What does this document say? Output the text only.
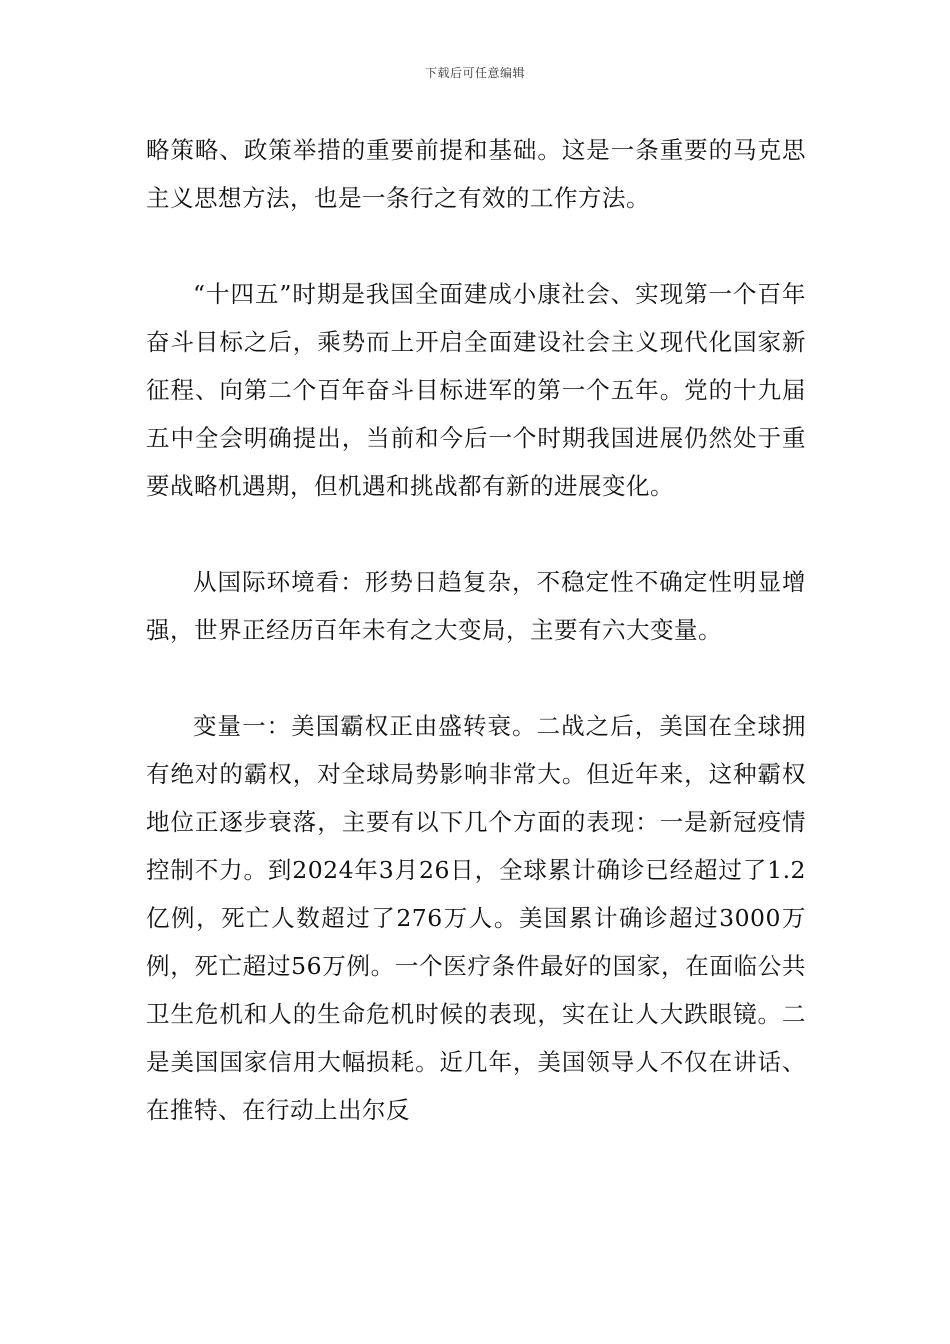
下载后可任意编辑

略策略、政策举措的重要前提和基础。这是一条重要的马克思主义思想方法，也是一条行之有效的工作方法。

“十四五”时期是我国全面建成小康社会、实现第一个百年奋斗目标之后，乘势而上开启全面建设社会主义现代化国家新征程、向第二个百年奋斗目标进军的第一个五年。党的十九届五中全会明确提出，当前和今后一个时期我国进展仍然处于重要战略机遇期，但机遇和挑战都有新的进展变化。

从国际环境看：形势日趋复杂，不稳定性不确定性明显增强，世界正经历百年未有之大变局，主要有六大变量。

变量一：美国霸权正由盛转衰。二战之后，美国在全球拥有绝对的霸权，对全球局势影响非常大。但近年来，这种霸权地位正逐步衰落，主要有以下几个方面的表现：一是新冠疫情控制不力。到2024年3月26日，全球累计确诊已经超过了1.2亿例，死亡人数超过了276万人。美国累计确诊超过3000万例，死亡超过56万例。一个医疗条件最好的国家，在面临公共卫生危机和人的生命危机时候的表现，实在让人大跌眼镜。二是美国国家信用大幅损耗。近几年，美国领导人不仅在讲话、在推特、在行动上出尔反
